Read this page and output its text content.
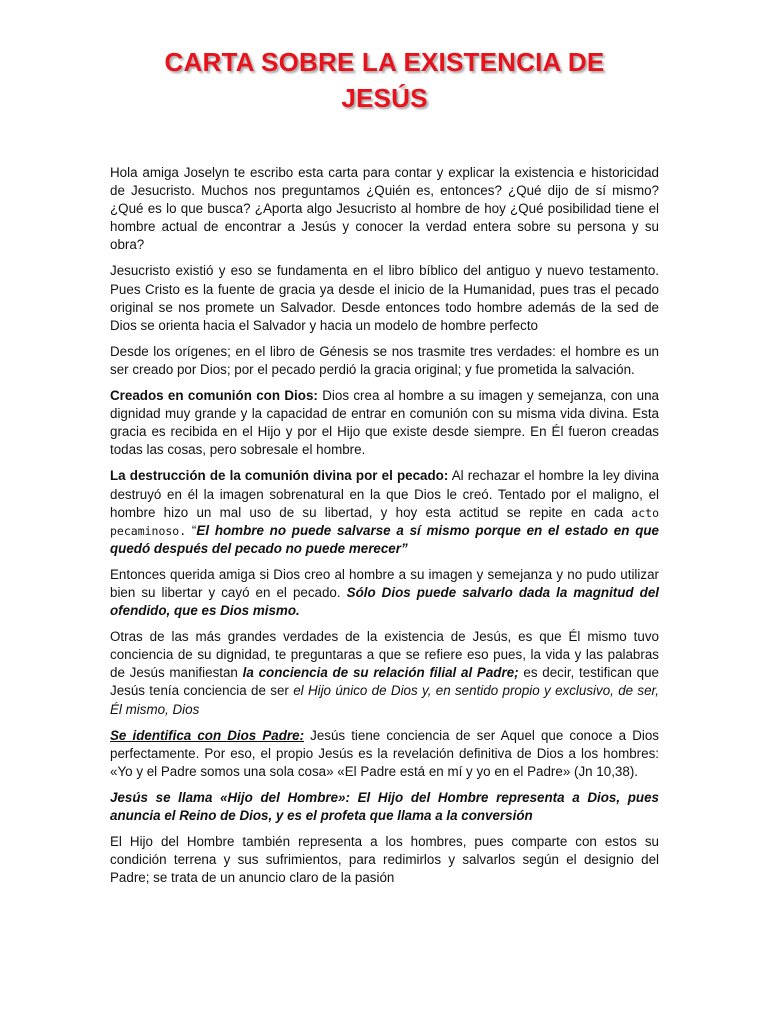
CARTA SOBRE LA EXISTENCIA DE
JESÚS

Hola amiga Joselyn te escribo esta carta para contar y explicar la existencia e historicidad de Jesucristo. Muchos nos preguntamos ¿Quién es, entonces? ¿Qué dijo de sí mismo? ¿Qué es lo que busca? ¿Aporta algo Jesucristo al hombre de hoy ¿Qué posibilidad tiene el hombre actual de encontrar a Jesús y conocer la verdad entera sobre su persona y su obra?

Jesucristo existió y eso se fundamenta en el libro bíblico del antiguo y nuevo testamento. Pues Cristo es la fuente de gracia ya desde el inicio de la Humanidad, pues tras el pecado original se nos promete un Salvador. Desde entonces todo hombre además de la sed de Dios se orienta hacia el Salvador y hacia un modelo de hombre perfecto

Desde los orígenes; en el libro de Génesis se nos trasmite tres verdades: el hombre es un ser creado por Dios; por el pecado perdió la gracia original; y fue prometida la salvación.

Creados en comunión con Dios: Dios crea al hombre a su imagen y semejanza, con una dignidad muy grande y la capacidad de entrar en comunión con su misma vida divina. Esta gracia es recibida en el Hijo y por el Hijo que existe desde siempre. En Él fueron creadas todas las cosas, pero sobresale el hombre.

La destrucción de la comunión divina por el pecado: Al rechazar el hombre la ley divina destruyó en él la imagen sobrenatural en la que Dios le creó. Tentado por el maligno, el hombre hizo un mal uso de su libertad, y hoy esta actitud se repite en cada acto pecaminoso. “El hombre no puede salvarse a sí mismo porque en el estado en que quedó después del pecado no puede merecer”

Entonces querida amiga si Dios creo al hombre a su imagen y semejanza y no pudo utilizar bien su libertar y cayó en el pecado. Sólo Dios puede salvarlo dada la magnitud del ofendido, que es Dios mismo.

Otras de las más grandes verdades de la existencia de Jesús, es que Él mismo tuvo conciencia de su dignidad, te preguntaras a que se refiere eso pues, la vida y las palabras de Jesús manifiestan la conciencia de su relación filial al Padre; es decir, testifican que Jesús tenía conciencia de ser el Hijo único de Dios y, en sentido propio y exclusivo, de ser, Él mismo, Dios

Se identifica con Dios Padre: Jesús tiene conciencia de ser Aquel que conoce a Dios perfectamente. Por eso, el propio Jesús es la revelación definitiva de Dios a los hombres: «Yo y el Padre somos una sola cosa» «El Padre está en mí y yo en el Padre» (Jn 10,38).

Jesús se llama «Hijo del Hombre»: El Hijo del Hombre representa a Dios, pues anuncia el Reino de Dios, y es el profeta que llama a la conversión

El Hijo del Hombre también representa a los hombres, pues comparte con estos su condición terrena y sus sufrimientos, para redimirlos y salvarlos según el designio del Padre; se trata de un anuncio claro de la pasión
